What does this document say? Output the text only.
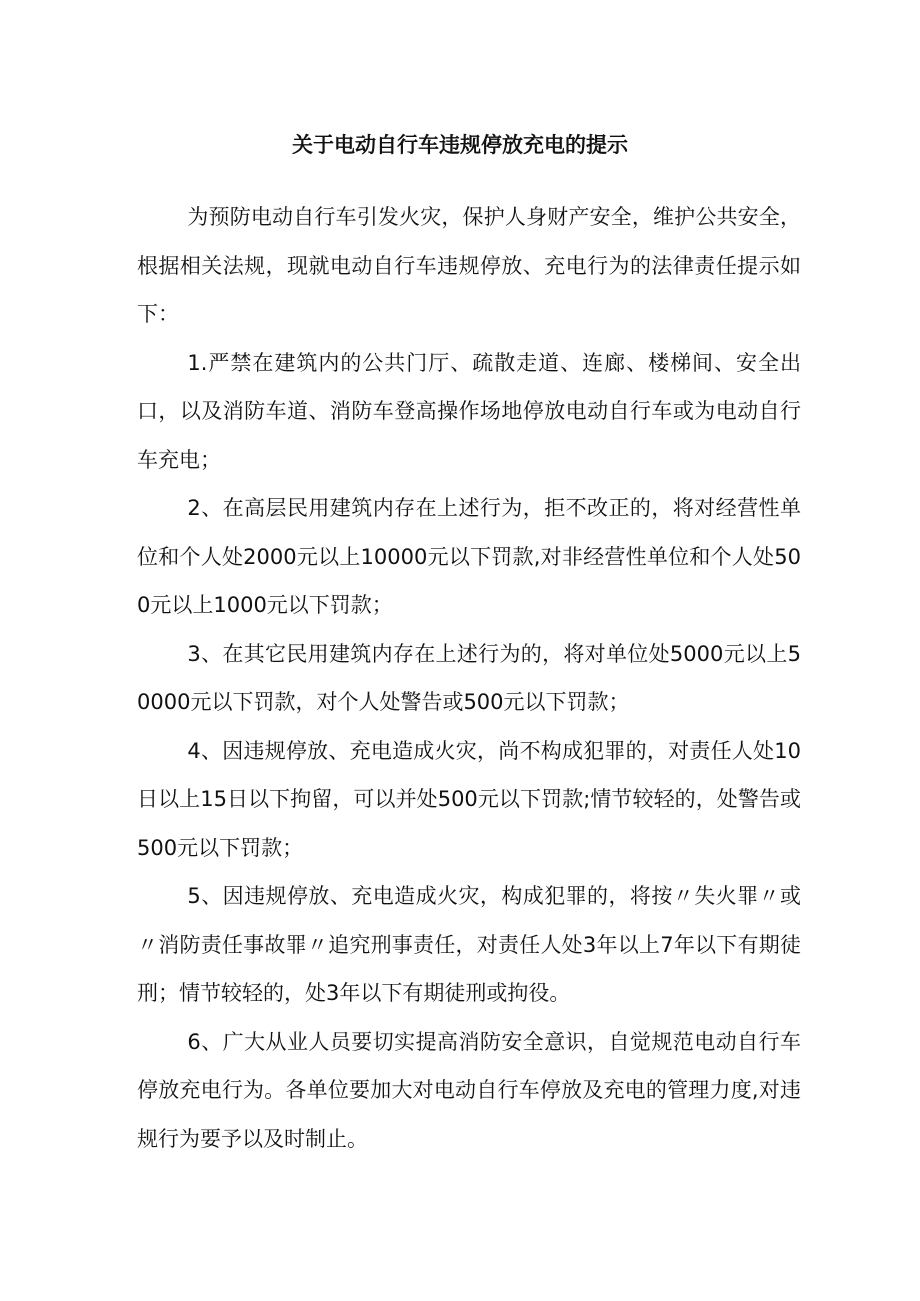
关于电动自行车违规停放充电的提示

为预防电动自行车引发火灾，保护人身财产安全，维护公共安全，根据相关法规，现就电动自行车违规停放、充电行为的法律责任提示如下：

1.严禁在建筑内的公共门厅、疏散走道、连廊、楼梯间、安全出口，以及消防车道、消防车登高操作场地停放电动自行车或为电动自行车充电；

2、在高层民用建筑内存在上述行为，拒不改正的，将对经营性单位和个人处2000元以上10000元以下罚款,对非经营性单位和个人处500元以上1000元以下罚款；

3、在其它民用建筑内存在上述行为的，将对单位处5000元以上50000元以下罚款，对个人处警告或500元以下罚款；

4、因违规停放、充电造成火灾，尚不构成犯罪的，对责任人处10日以上15日以下拘留，可以并处500元以下罚款;情节较轻的，处警告或500元以下罚款；

5、因违规停放、充电造成火灾，构成犯罪的，将按〃失火罪〃或〃消防责任事故罪〃追究刑事责任，对责任人处3年以上7年以下有期徒刑；情节较轻的，处3年以下有期徒刑或拘役。

6、广大从业人员要切实提高消防安全意识，自觉规范电动自行车停放充电行为。各单位要加大对电动自行车停放及充电的管理力度,对违规行为要予以及时制止。
